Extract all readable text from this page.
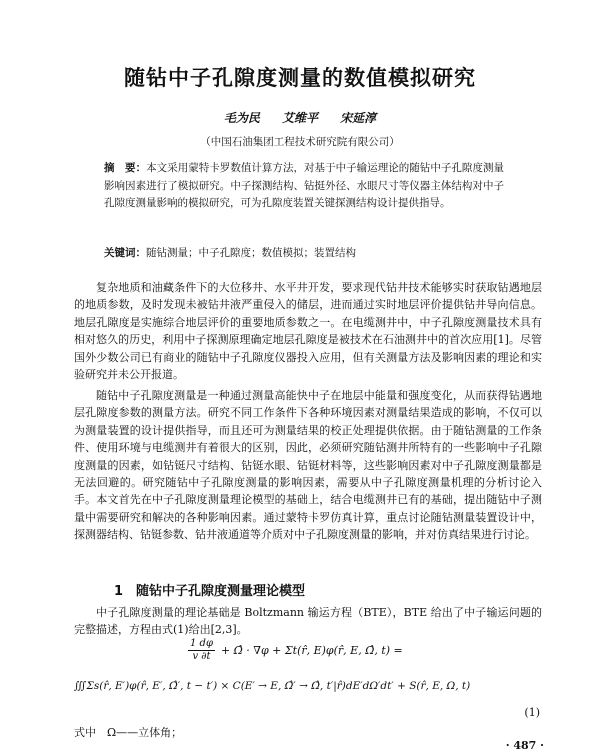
随钻中子孔隙度测量的数值模拟研究
毛为民 艾维平 宋延淳
（中国石油集团工程技术研究院有限公司）
摘　要：本文采用蒙特卡罗数值计算方法，对基于中子输运理论的随钻中子孔隙度测量影响因素进行了模拟研究。中子探测结构、钻挺外径、水眼尺寸等仪器主体结构对中子孔隙度测量影响的模拟研究，可为孔隙度装置关键探测结构设计提供指导。
关键词：随钻测量；中子孔隙度；数值模拟；装置结构
复杂地质和油藏条件下的大位移井、水平井开发，要求现代钻井技术能够实时获取钻遇地层的地质参数，及时发现未被钻井液严重侵入的储层，进而通过实时地层评价提供钻井导向信息。地层孔隙度是实施综合地层评价的重要地质参数之一。在电缆测井中，中子孔隙度测量技术具有相对悠久的历史，利用中子探测原理确定地层孔隙度是被技术在石油测井中的首次应用[1]。尽管国外少数公司已有商业的随钻中子孔隙度仪器投入应用，但有关测量方法及影响因素的理论和实验研究并未公开报道。
随钻中子孔隙度测量是一种通过测量高能快中子在地层中能量和强度变化，从而获得钻遇地层孔隙度参数的测量方法。研究不同工作条件下各种环境因素对测量结果造成的影响，不仅可以为测量装置的设计提供指导，而且还可为测量结果的校正处理提供依据。由于随钻测量的工作条件、使用环境与电缆测井有着很大的区别，因此，必须研究随钻测井所特有的一些影响中子孔隙度测量的因素，如钻铤尺寸结构、钻铤水眼、钻铤材料等，这些影响因素对中子孔隙度测量都是无法回避的。研究随钻中子孔隙度测量的影响因素，需要从中子孔隙度测量机理的分析讨论入手。本文首先在中子孔隙度测量理论模型的基础上，结合电缆测井已有的基础，提出随钻中子测量中需要研究和解决的各种影响因素。通过蒙特卡罗仿真计算，重点讨论随钻测量装置设计中，探测器结构、钻铤参数、钻井液通道等介质对中子孔隙度测量的影响，并对仿真结果进行讨论。
1　随钻中子孔隙度测量理论模型
中子孔隙度测量的理论基础是 Boltzmann 输运方程（BTE），BTE 给出了中子输运问题的完整描述，方程由式(1)给出[2,3]。
$\frac{1 d\varphi}{v \partial t}$ + Ω̂ · ∇φ + Σt(r̂, E)φ(r̂, E, Ω̂, t) =
∭Σs(r̂, E′)φ(r̂, E′, Ω̂′, t − t′) × C(E′ → E, Ω̂′ → Ω̂, t′|r̂)dE′dΩ′dt′ + S(r̂, E, Ω, t)
(1)
式中　Ω——立体角；
· 487 ·
